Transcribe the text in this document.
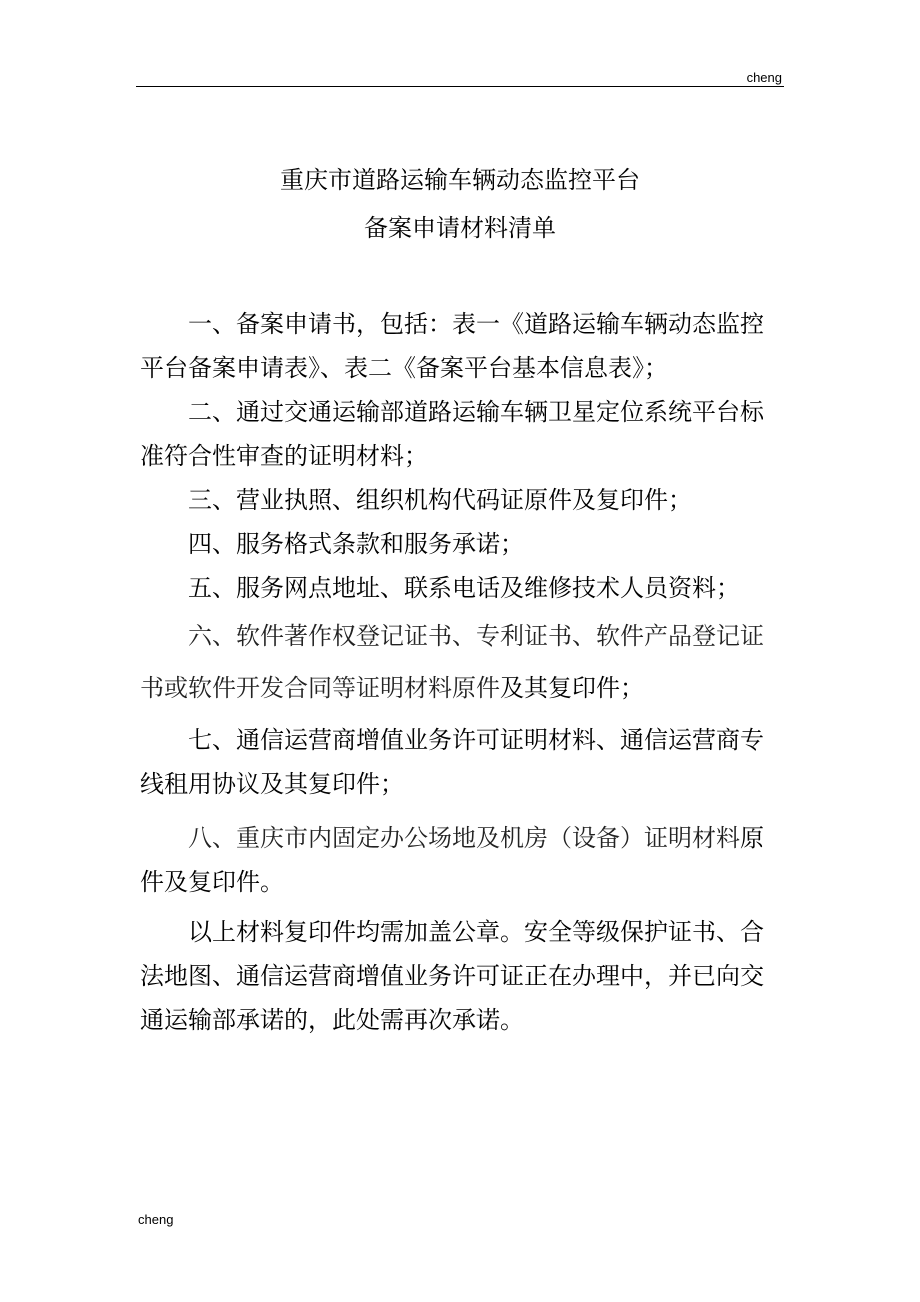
cheng
重庆市道路运输车辆动态监控平台
备案申请材料清单

一、备案申请书，包括：表一《道路运输车辆动态监控平台备案申请表》、表二《备案平台基本信息表》；

二、通过交通运输部道路运输车辆卫星定位系统平台标准符合性审查的证明材料；

三、营业执照、组织机构代码证原件及复印件；

四、服务格式条款和服务承诺；

五、服务网点地址、联系电话及维修技术人员资料；

六、软件著作权登记证书、专利证书、软件产品登记证书或软件开发合同等证明材料原件及其复印件；

七、通信运营商增值业务许可证明材料、通信运营商专线租用协议及其复印件；

八、重庆市内固定办公场地及机房（设备）证明材料原件及复印件。

以上材料复印件均需加盖公章。安全等级保护证书、合法地图、通信运营商增值业务许可证正在办理中，并已向交通运输部承诺的，此处需再次承诺。

cheng
